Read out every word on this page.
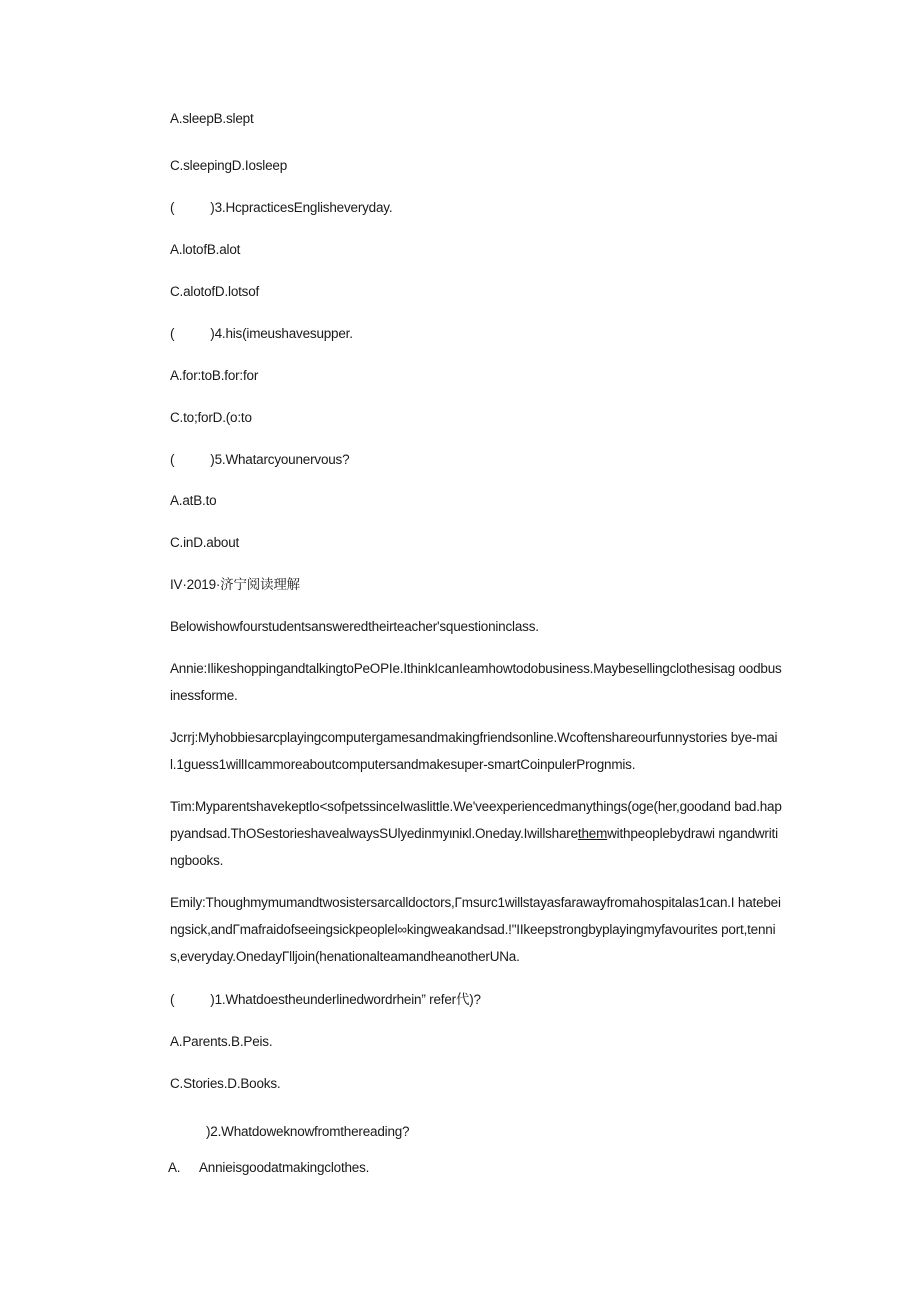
A.sleepB.slept
C.sleepingD.Iosleep
(	)3.HcpracticesEnglisheveryday.
A.lotofB.alot
C.alotofD.lotsof
(	)4.his(imeushavesupper.
A.for:toB.for:for
C.to;forD.(o:to
(	)5.Whatarcyounervous?
A.atB.to
C.inD.about
IV·2019·济宁阅读理解
Belowishowfourstudentsansweredtheirteacher'squestioninclass.
Annie:IlikeshoppingandtalkingtoPeOPIe.IthinkIcanIeamhowtodobusiness.Maybesellingclothesisag oodbusinessforme.
Jcrrj:Myhobbiesarcplayingcomputergamesandmakingfriendsonline.Wcoftenshareourfunnystories bye-mail.1guess1willIcammoreaboutcomputersandmakesuper-smartCoinpulerPrognmis.
Tim:Myparentshavekeptlo<sofpetssinceIwaslittle.We'veexperiencedmanythings(oge(her,goodand bad.happyandsad.ThOSestorieshavealwaysSUlyedinmyιniκl.Oneday.Iwillsharethemwithpeoplebydrawi ngandwritingbooks.
Emily:Thoughmymumandtwosistersarcalldoctors,Γmsurc1willstayasfarawayfromahospitalas1can.I hatebeingsick,andΓmafraidofseeingsickpeoplel∞kingweakandsad.!"IIkeepstrongbyplayingmyfavourites port,tennis,everyday.OnedayΓlljoin(henationalteamandheanotherUNa.
(	)1.Whatdoestheunderlinedwordrhein” refer代)?
A.Parents.B.Peis.
C.Stories.D.Books.
)2.Whatdoweknowfromthereading?
A. Annieisgoodatmakingclothes.
